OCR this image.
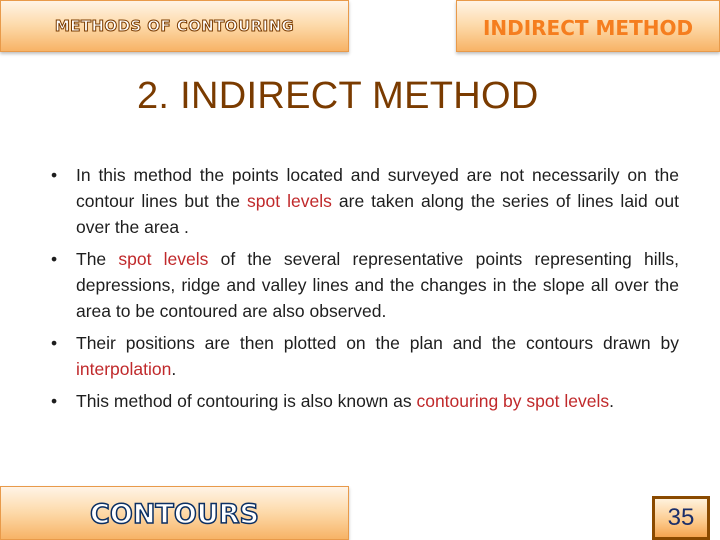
METHODS OF CONTOURING	INDIRECT METHOD
2. INDIRECT METHOD
• In this method the points located and surveyed are not necessarily on the contour lines but the spot levels are taken along the series of lines laid out over the area .
• The spot levels of the several representative points representing hills, depressions, ridge and valley lines and the changes in the slope all over the area to be contoured are also observed.
• Their positions are then plotted on the plan and the contours drawn by interpolation.
• This method of contouring is also known as contouring by spot levels.
CONTOURS	35
